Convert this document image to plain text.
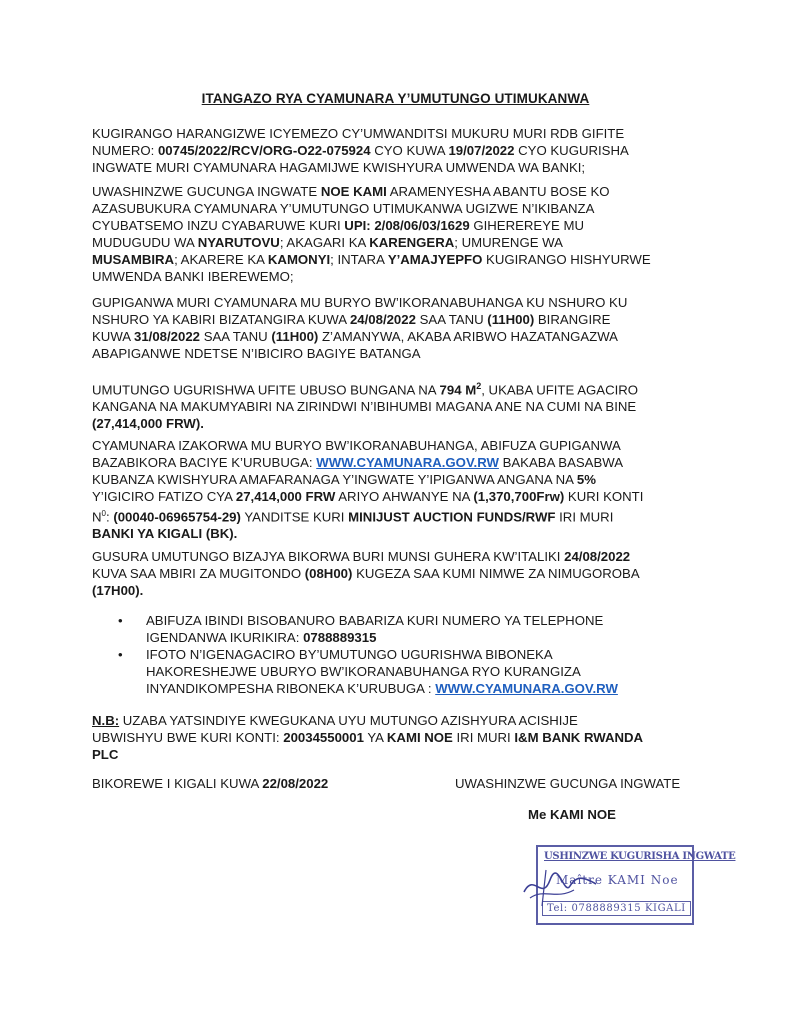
ITANGAZO RYA CYAMUNARA Y’UMUTUNGO UTIMUKANWA

KUGIRANGO HARANGIZWE ICYEMEZO CY’UMWANDITSI MUKURU MURI RDB GIFITE
NUMERO: 00745/2022/RCV/ORG-O22-075924 CYO KUWA 19/07/2022 CYO KUGURISHA
INGWATE MURI CYAMUNARA HAGAMIJWE KWISHYURA UMWENDA WA BANKI;

UWASHINZWE GUCUNGA INGWATE NOE KAMI ARAMENYESHA ABANTU BOSE KO
AZASUBUKURA CYAMUNARA Y’UMUTUNGO UTIMUKANWA UGIZWE N’IKIBANZA
CYUBATSEMO INZU CYABARUWE KURI UPI: 2/08/06/03/1629 GIHEREREYE MU
MUDUGUDU WA NYARUTOVU; AKAGARI KA KARENGERA; UMURENGE WA
MUSAMBIRA; AKARERE KA KAMONYI; INTARA Y’AMAJYEPFO KUGIRANGO HISHYURWE
UMWENDA BANKI IBEREWEMO;

GUPIGANWA MURI CYAMUNARA MU BURYO BW’IKORANABUHANGA KU NSHURO KU
NSHURO YA KABIRI BIZATANGIRA KUWA 24/08/2022 SAA TANU (11H00) BIRANGIRE
KUWA 31/08/2022 SAA TANU (11H00) Z’AMANYWA, AKABA ARIBWO HAZATANGAZWA
ABAPIGANWE NDETSE N’IBICIRO BAGIYE BATANGA

UMUTUNGO UGURISHWA UFITE UBUSO BUNGANA NA 794 $M^2$, UKABA UFITE AGACIRO
KANGANA NA MAKUMYABIRI NA ZIRINDWI N’IBIHUMBI MAGANA ANE NA CUMI NA BINE
(27,414,000 FRW).

CYAMUNARA IZAKORWA MU BURYO BW’IKORANABUHANGA, ABIFUZA GUPIGANWA
BAZABIKORA BACIYE K’URUBUGA: WWW.CYAMUNARA.GOV.RW BAKABA BASABWA
KUBANZA KWISHYURA AMAFARANAGA Y’INGWATE Y’IPIGANWA ANGANA NA 5%
Y’IGICIRO FATIZO CYA 27,414,000 FRW ARIYO AHWANYE NA (1,370,700Frw) KURI KONTI
$N^0$: (00040-06965754-29) YANDITSE KURI MINIJUST AUCTION FUNDS/RWF IRI MURI
BANKI YA KIGALI (BK).

GUSURA UMUTUNGO BIZAJYA BIKORWA BURI MUNSI GUHERA KW’ITALIKI 24/08/2022
KUVA SAA MBIRI ZA MUGITONDO (08H00) KUGEZA SAA KUMI NIMWE ZA NIMUGOROBA
(17H00).

• ABIFUZA IBINDI BISOBANURO BABARIZA KURI NUMERO YA TELEPHONE
IGENDANWA IKURIKIRA: 0788889315
• IFOTO N’IGENAGACIRO BY’UMUTUNGO UGURISHWA BIBONEKA
HAKORESHEJWE UBURYO BW’IKORANABUHANGA RYO KURANGIZA
INYANDIKOMPESHA RIBONEKA K’URUBUGA : WWW.CYAMUNARA.GOV.RW

N.B: UZABA YATSINDIYE KWEGUKANA UYU MUTUNGO AZISHYURA ACISHIJE
UBWISHYU BWE KURI KONTI: 20034550001 YA KAMI NOE IRI MURI I&M BANK RWANDA
PLC

BIKOREWE I KIGALI KUWA 22/08/2022	UWASHINZWE GUCUNGA INGWATE
Me KAMI NOE
USHINZWE KUGURISHA INGWATE
Maître KAMI Noe
Tel: 0788889315 KIGALI
